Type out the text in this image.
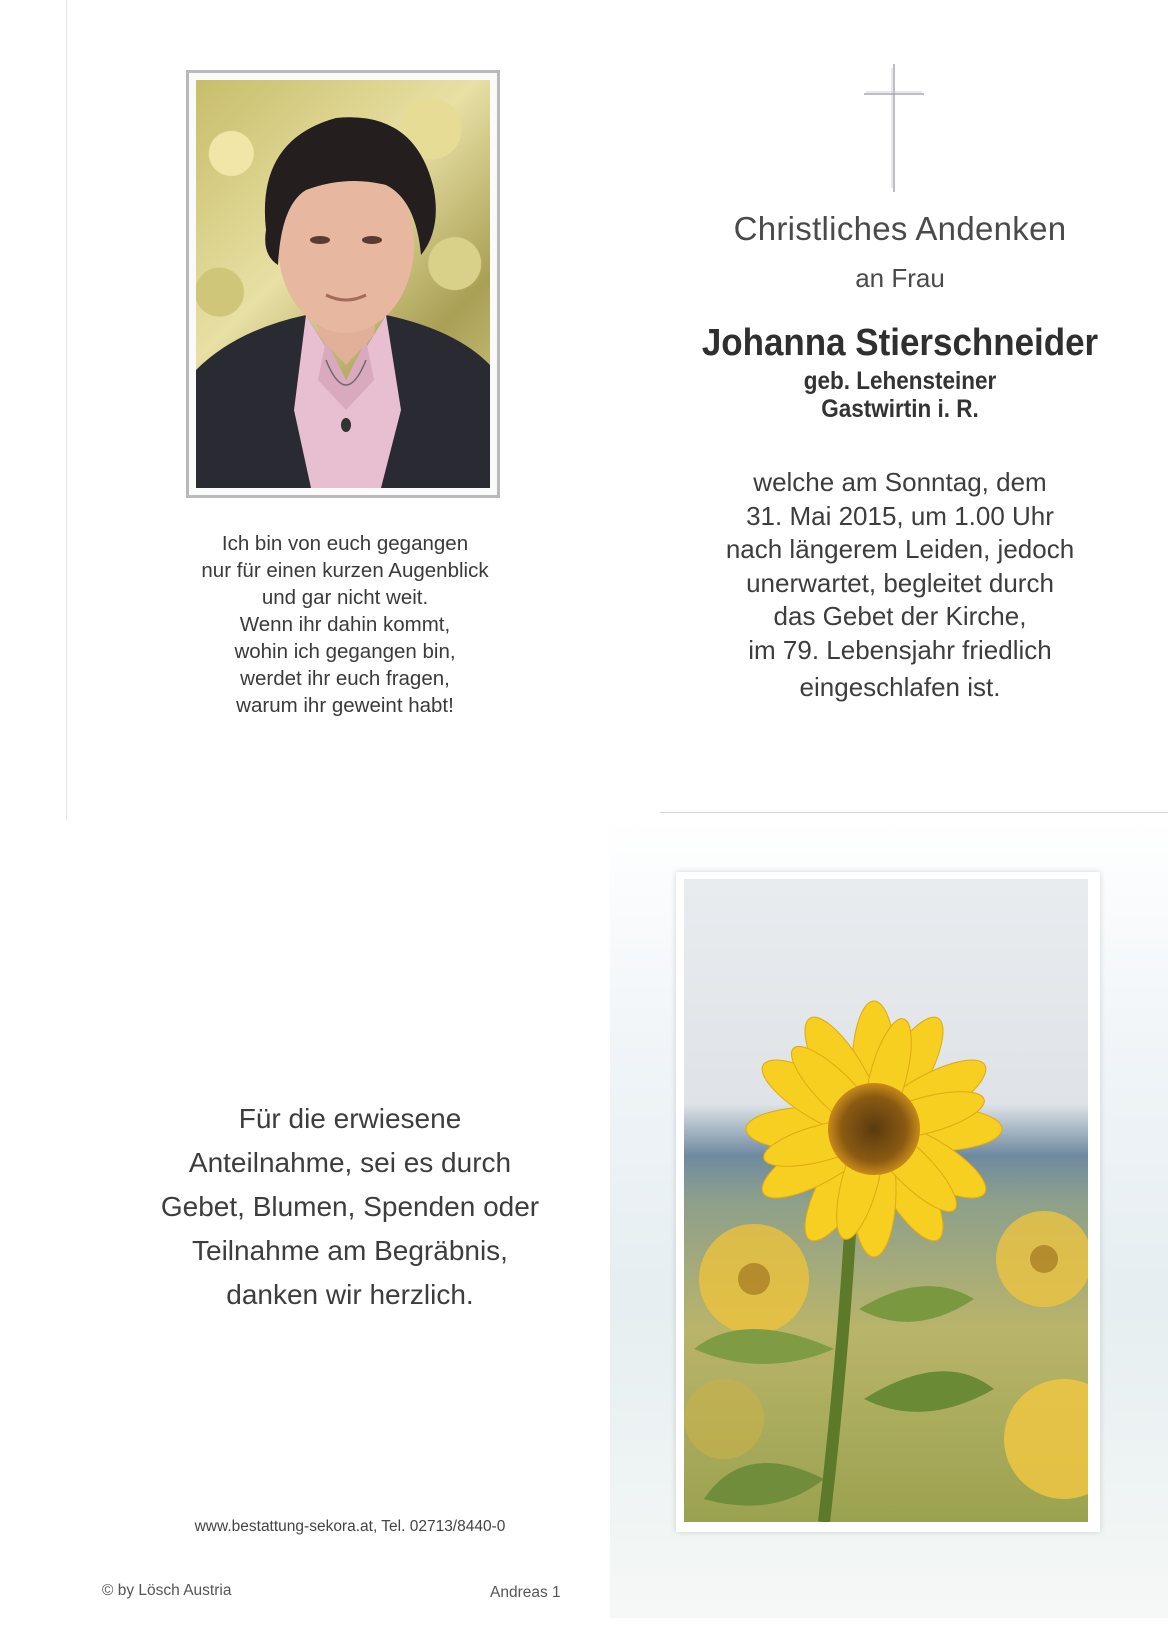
Ich bin von euch gegangen
nur für einen kurzen Augenblick
und gar nicht weit.
Wenn ihr dahin kommt,
wohin ich gegangen bin,
werdet ihr euch fragen,
warum ihr geweint habt!
Christliches Andenken
an Frau
Johanna Stierschneider
geb. Lehensteiner
Gastwirtin i. R.
welche am Sonntag, dem
31. Mai 2015, um 1.00 Uhr
nach längerem Leiden, jedoch
unerwartet, begleitet durch
das Gebet der Kirche,
im 79. Lebensjahr friedlich
eingeschlafen ist.
Für die erwiesene
Anteilnahme, sei es durch
Gebet, Blumen, Spenden oder
Teilnahme am Begräbnis,
danken wir herzlich.
www.bestattung-sekora.at, Tel. 02713/8440-0
© by Lösch Austria	Andreas 1
